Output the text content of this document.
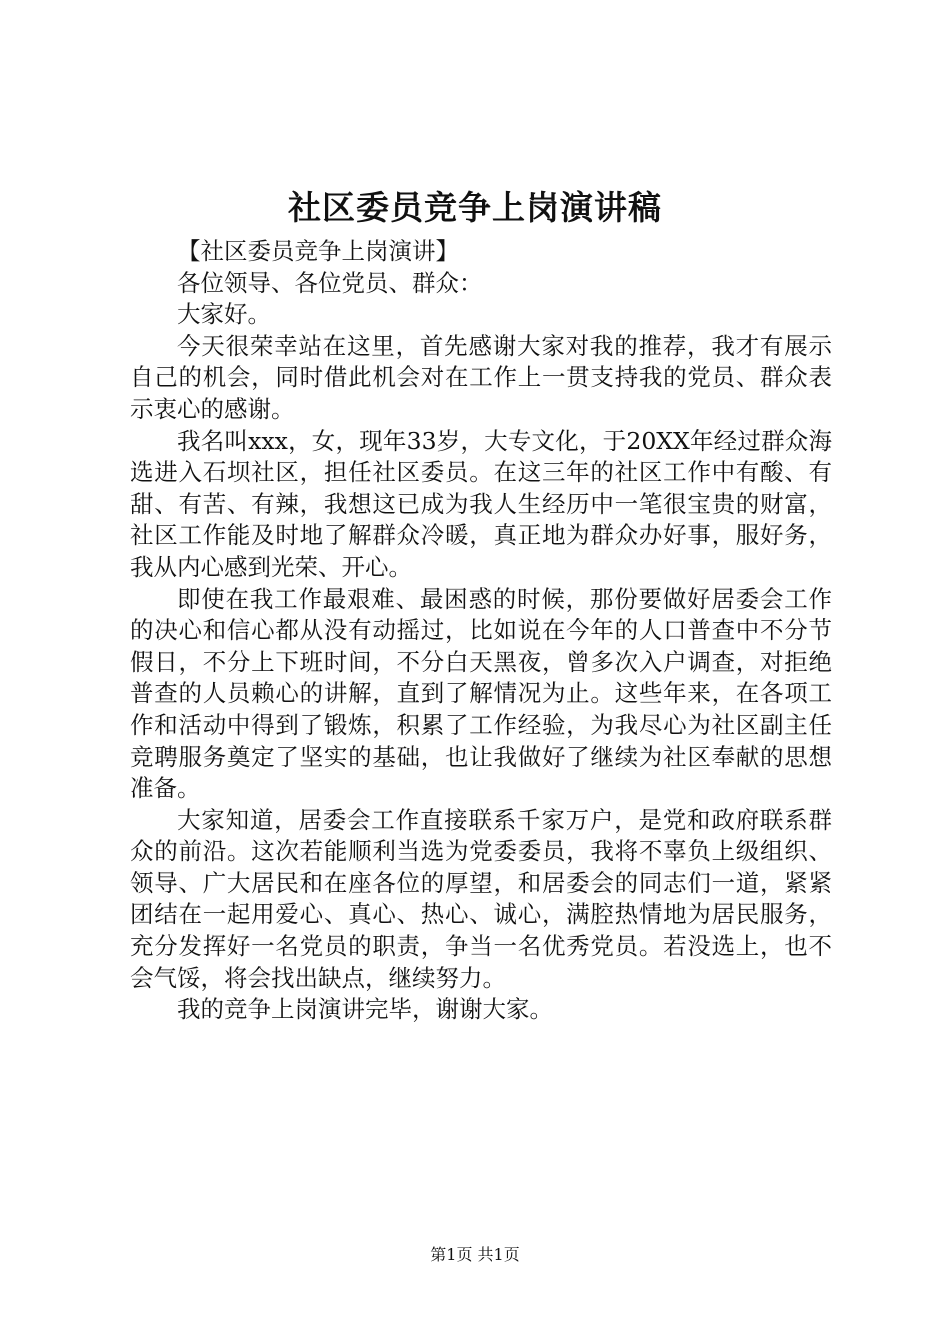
社区委员竞争上岗演讲稿

【社区委员竞争上岗演讲】

各位领导、各位党员、群众：

大家好。

今天很荣幸站在这里，首先感谢大家对我的推荐，我才有展示自己的机会，同时借此机会对在工作上一贯支持我的党员、群众表示衷心的感谢。

我名叫xxx，女，现年33岁，大专文化，于20XX年经过群众海选进入石坝社区，担任社区委员。在这三年的社区工作中有酸、有甜、有苦、有辣，我想这已成为我人生经历中一笔很宝贵的财富，社区工作能及时地了解群众冷暖，真正地为群众办好事，服好务，我从内心感到光荣、开心。

即使在我工作最艰难、最困惑的时候，那份要做好居委会工作的决心和信心都从没有动摇过，比如说在今年的人口普查中不分节假日，不分上下班时间，不分白天黑夜，曾多次入户调查，对拒绝普查的人员赖心的讲解，直到了解情况为止。这些年来，在各项工作和活动中得到了锻炼，积累了工作经验，为我尽心为社区副主任竞聘服务奠定了坚实的基础，也让我做好了继续为社区奉献的思想准备。

大家知道，居委会工作直接联系千家万户，是党和政府联系群众的前沿。这次若能顺利当选为党委委员，我将不辜负上级组织、领导、广大居民和在座各位的厚望，和居委会的同志们一道，紧紧团结在一起用爱心、真心、热心、诚心，满腔热情地为居民服务，充分发挥好一名党员的职责，争当一名优秀党员。若没选上，也不会气馁，将会找出缺点，继续努力。

我的竞争上岗演讲完毕，谢谢大家。

第1页 共1页
